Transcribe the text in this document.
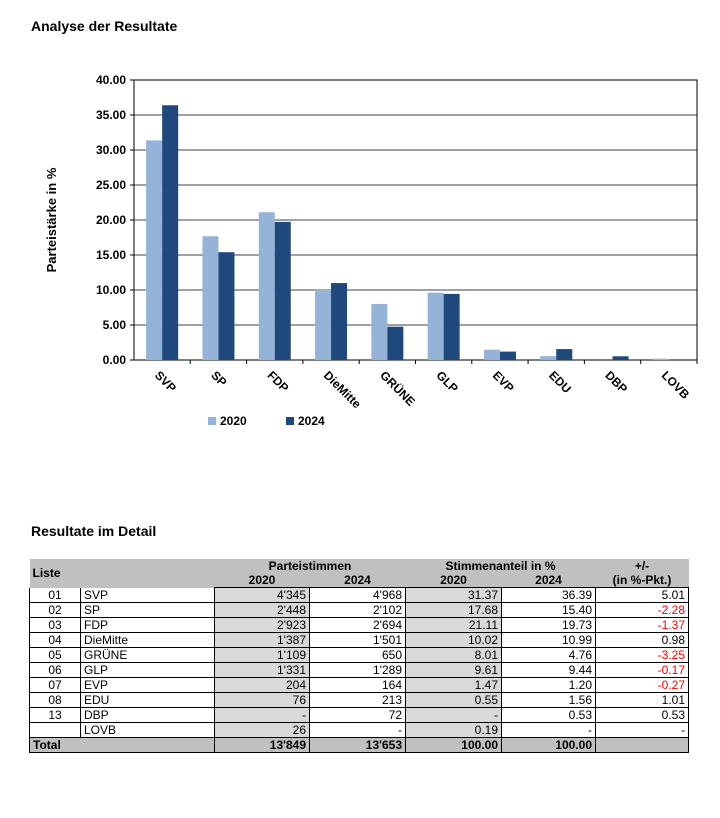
Analyse der Resultate
0.00
5.00
10.00
15.00
20.00
25.00
30.00
35.00
40.00
Parteistärke in %
SVP SP	FDP DieMitte GRÜNE GLP EVP EDU DBP LOVB
2020	2024
Resultate im Detail
Liste		Parteistimmen		Stimmenanteil in %		+/-
		2020	2024	2020	2024	(in %-Pkt.)
01	SVP	4'345	4'968	31.37	36.39	5.01
02	SP	2'448	2'102	17.68	15.40	-2.28
03	FDP	2'923	2'694	21.11	19.73	-1.37
04	DieMitte	1'387	1'501	10.02	10.99	0.98
05	GRÜNE	1'109	650	8.01	4.76	-3.25
06	GLP	1'331	1'289	9.61	9.44	-0.17
07	EVP	204	164	1.47	1.20	-0.27
08	EDU	76	213	0.55	1.56	1.01
13	DBP	-	72	-	0.53	0.53
	LOVB	26	-	0.19	-	-
Total		13'849	13'653	100.00	100.00	
